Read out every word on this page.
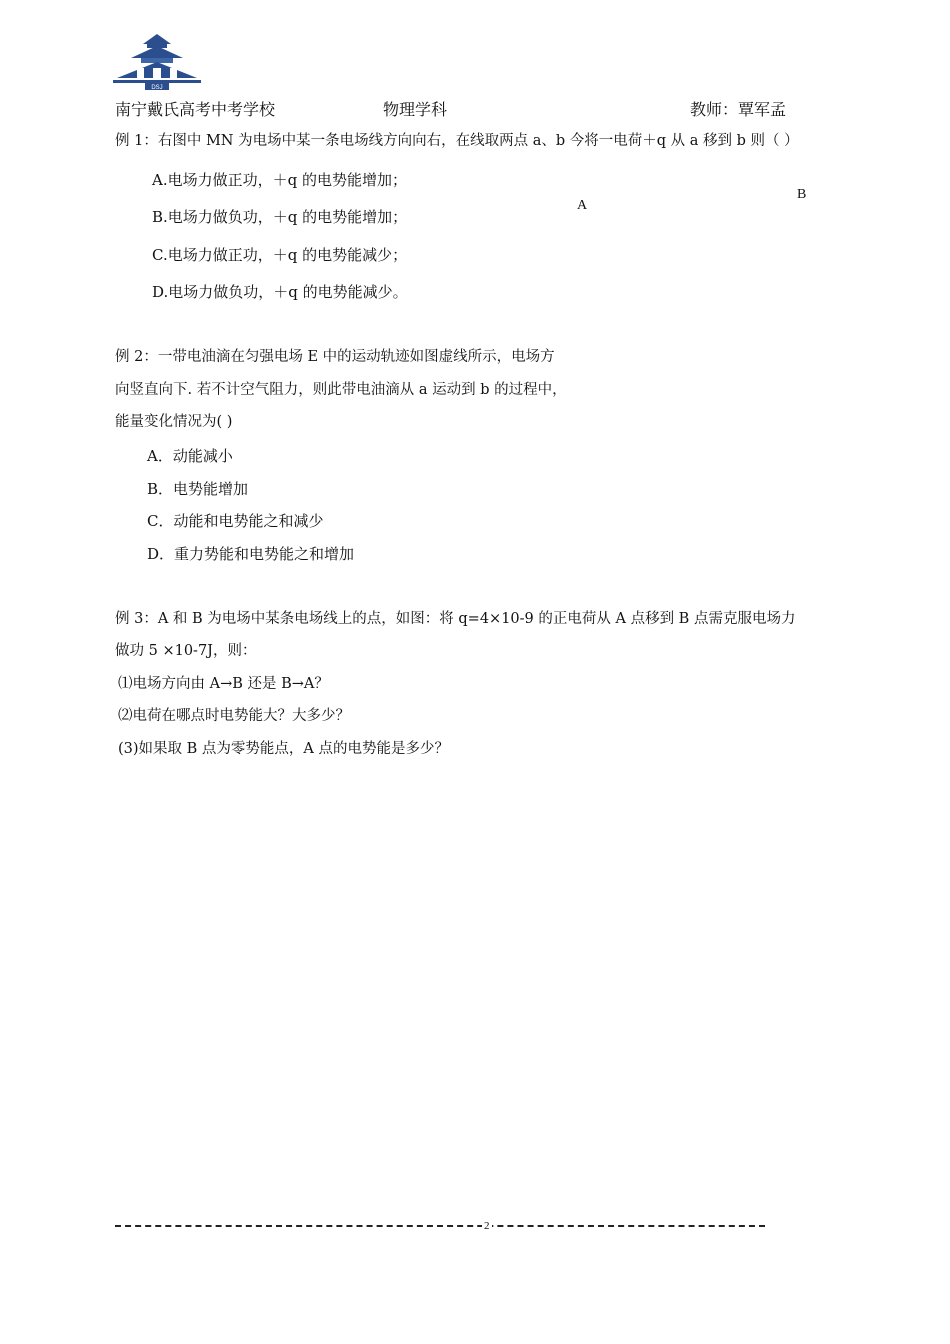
DSJ
南宁戴氏高考中考学校	物理学科	教师：覃军孟
例 1：右图中 MN 为电场中某一条电场线方向向右，在线取两点 a、b 今将一电荷＋q 从 a 移到 b 则（ ）
A.电场力做正功，＋q 的电势能增加；
B.电场力做负功，＋q 的电势能增加；
C.电场力做正功，＋q 的电势能减少；
D.电场力做负功，＋q 的电势能减少。
A
B
例 2：一带电油滴在匀强电场 E 中的运动轨迹如图虚线所示，电场方
向竖直向下. 若不计空气阻力，则此带电油滴从 a 运动到 b 的过程中，
能量变化情况为( )
A．动能减小
B．电势能增加
C．动能和电势能之和减少
D．重力势能和电势能之和增加
例 3：A 和 B 为电场中某条电场线上的点，如图：将 q=4×10-9 的正电荷从 A 点移到 B 点需克服电场力
做功 5 ×10-7J，则：
⑴电场方向由 A→B 还是 B→A？
⑵电荷在哪点时电势能大？大多少？
(3)如果取 B 点为零势能点，A 点的电势能是多少？
2
